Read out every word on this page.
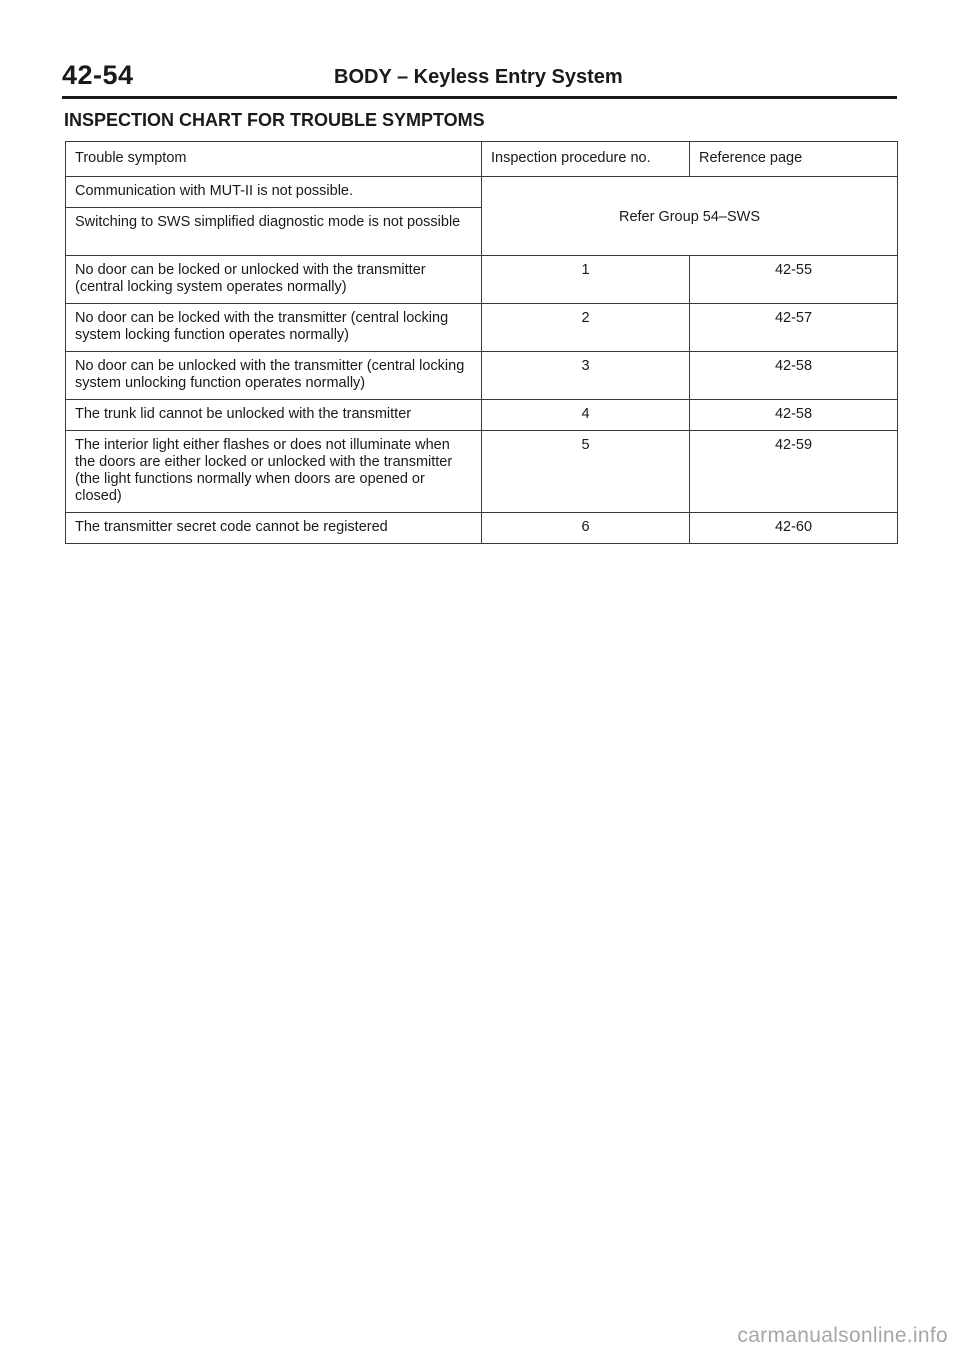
42-54	BODY – Keyless Entry System
INSPECTION CHART FOR TROUBLE SYMPTOMS
Trouble symptom	Inspection procedure no.	Reference page
Communication with MUT-II is not possible.	Refer Group 54–SWS	
Switching to SWS simplified diagnostic mode is not possible		
No door can be locked or unlocked with the transmitter (central locking system operates normally)	1	42-55
No door can be locked with the transmitter (central locking system locking function operates normally)	2	42-57
No door can be unlocked with the transmitter (central locking system unlocking function operates normally)	3	42-58
The trunk lid cannot be unlocked with the transmitter	4	42-58
The interior light either flashes or does not illuminate when the doors are either locked or unlocked with the transmitter (the light functions normally when doors are opened or closed)	5	42-59
The transmitter secret code cannot be registered	6	42-60
carmanualsonline.info
